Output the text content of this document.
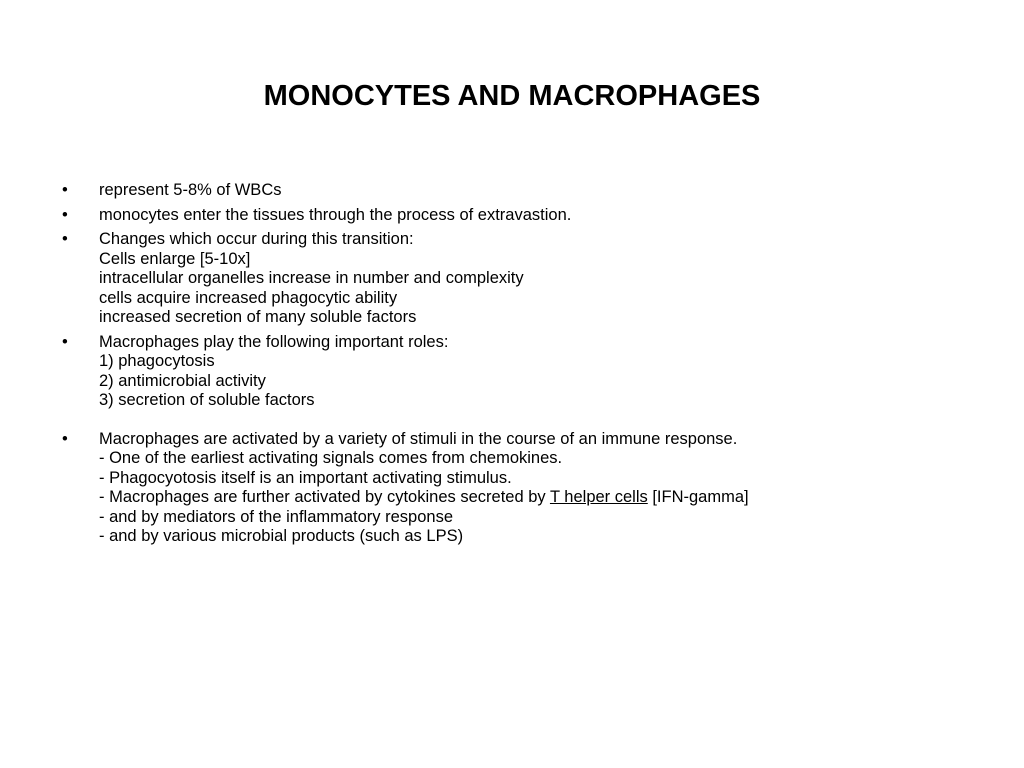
MONOCYTES AND MACROPHAGES
•	represent 5-8% of WBCs
•	monocytes enter the tissues through the process of extravastion.
•	Changes which occur during this transition:
Cells enlarge [5-10x]
intracellular organelles increase in number and complexity
cells acquire increased phagocytic ability
increased secretion of many soluble factors
•	Macrophages play the following important roles:
1) phagocytosis
2) antimicrobial activity
3) secretion of soluble factors
•	Macrophages are activated by a variety of stimuli in the course of an immune response.
- One of the earliest activating signals comes from chemokines.
- Phagocyotosis itself is an important activating stimulus.
- Macrophages are further activated by cytokines secreted by T helper cells [IFN-gamma]
- and by mediators of the inflammatory response
- and by various microbial products (such as LPS)
